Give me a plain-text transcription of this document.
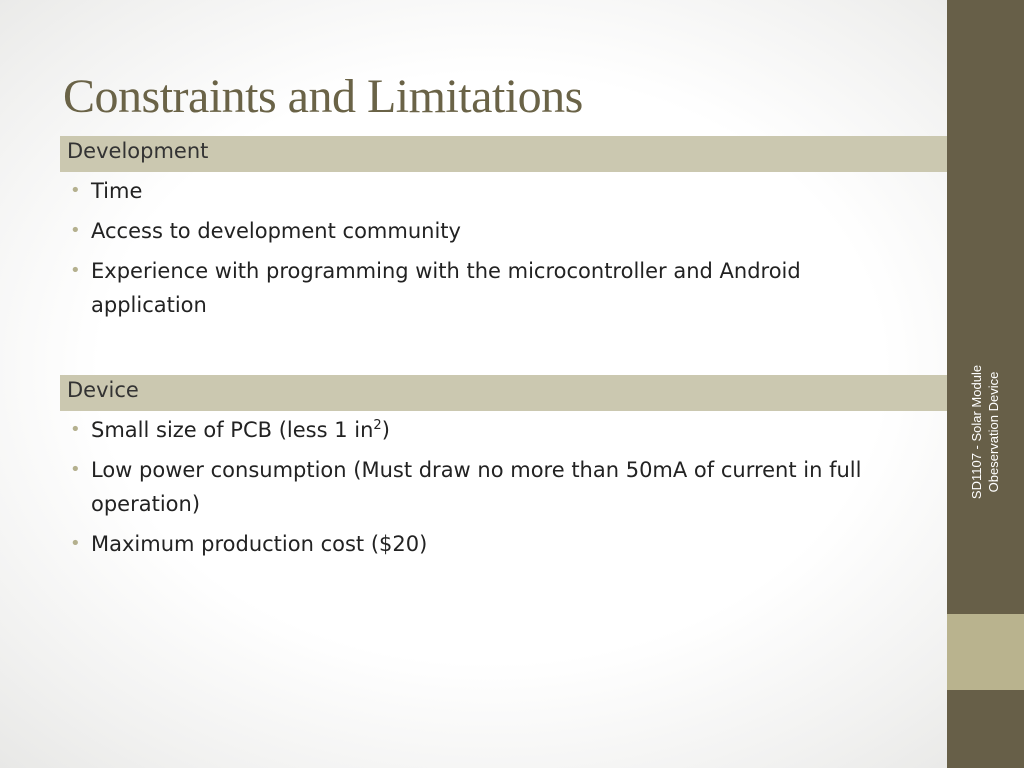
Constraints and Limitations
Development
• Time
• Access to development community
• Experience with programming with the microcontroller and Android application
Device
• Small size of PCB (less 1 $in^2$)
• Low power consumption (Must draw no more than 50mA of current in full operation)
• Maximum production cost ($20)
SD1107 - Solar Module Obeservation Device
